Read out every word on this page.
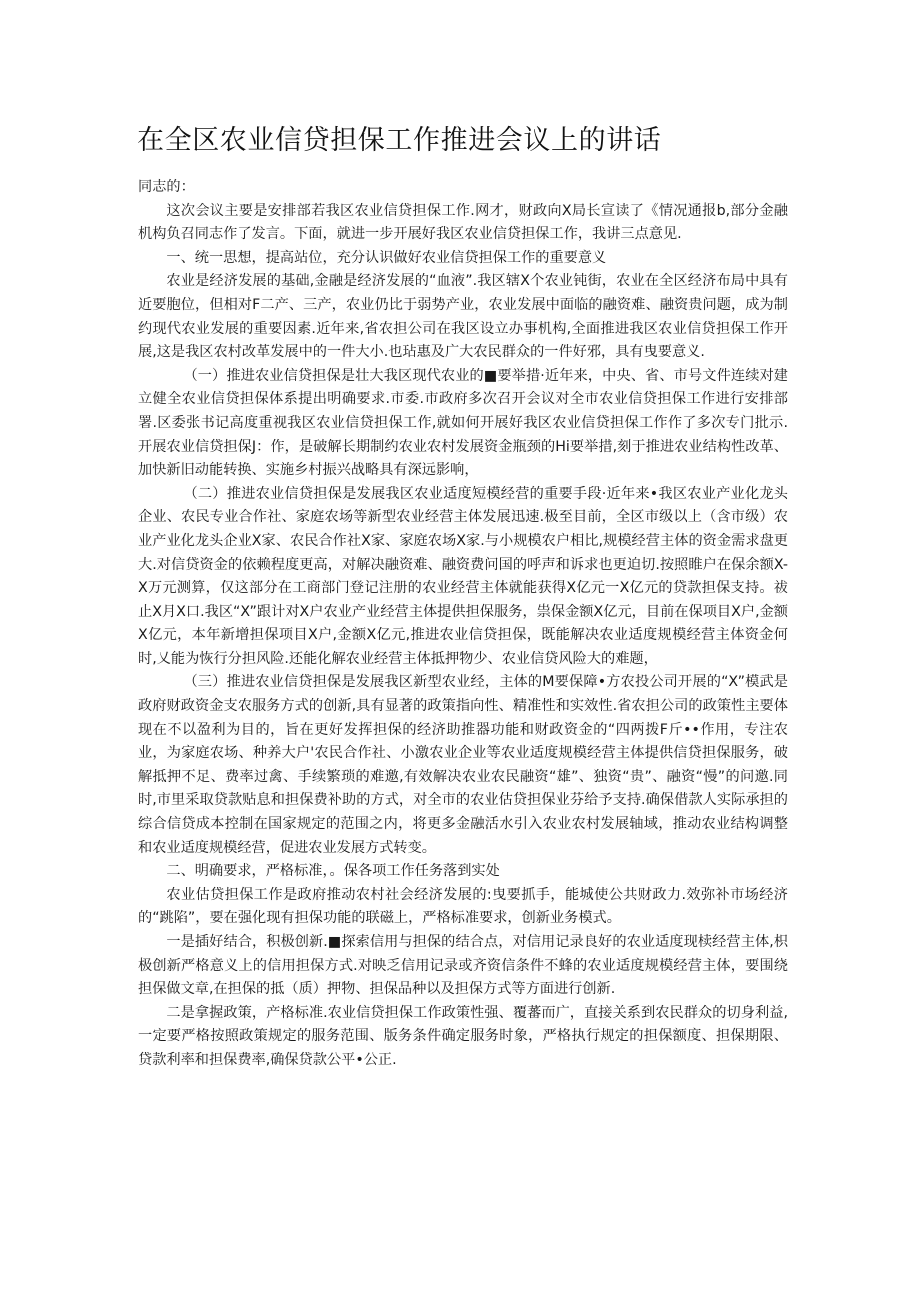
在全区农业信贷担保工作推进会议上的讲话

同志的：

这次会议主要是安排部若我区农业信贷担保工作.网才，财政向X局长宣读了《情况通报b,部分金融机构负召同志作了发言。下面，就进一步开展好我区农业信贷担保工作，我讲三点意见.

一、统一思想，提高站位，充分认识做好农业信贷担保工作的重要意义

农业是经济发展的基础,金融是经济发展的“血液”.我区辖X个农业钝街，农业在全区经济布局中具有近要胞位，但相对F二产、三产，农业仍比于弱势产业，农业发展中面临的融资难、融资贵问题，成为制约现代农业发展的重要因素.近年来,省农担公司在我区设立办事机构,全面推进我区农业信贷担保工作开展,这是我区农村改革发展中的一件大小.也玷惠及广大农民群众的一件好邪，具有曳要意义.

（一）推进农业信贷担保是壮大我区现代农业的■要举措·近年来，中央、省、市号文件连续对建立健全农业信贷担保体系提出明确要求.市委.市政府多次召开会议对全市农业信贷担保工作进行安排部署.区委张书记高度重视我区农业信贷担保工作,就如何开展好我区农业信贷担保工作作了多次专门批示.开展农业信贷担保J：作，是破解长期制约农业农村发展资金瓶颈的Hi要举措,刻于推进农业结构性改革、加快新旧动能转换、实施乡村振兴战略具有深远影响，

（二）推进农业信贷担保是发展我区农业适度短模经营的重要手段·近年来•我区农业产业化龙头企业、农民专业合作社、家庭农场等新型农业经营主体发展迅速.极至目前，全区市级以上（含市级）农业产业化龙头企业X家、农民合作社X家、家庭农场X家.与小规模农户相比,规模经营主体的资金需求盘更大.对信贷资金的依赖程度更高，对解决融资难、融资费问国的呼声和诉求也更迫切.按照睢户在保余额X-X万元测算，仅这部分在工商部门登记注册的农业经营主体就能获得X亿元一X亿元的贷款担保支持。祓止X月X口.我区“X”跟计对X户农业产业经营主体提供担保服务，祟保金额X亿元，目前在保项目X户,金额X亿元，本年新增担保项目X户,金额X亿元,推进农业信贷担保，既能解决农业适度规模经营主体资金何时,乂能为恢行分担风险.还能化解农业经营主体抵押物少、农业信贷风险大的难题，

（三）推进农业信贷担保是发展我区新型农业经，主体的M要保障•方农投公司开展的“X”模武是政府财政资金支农服务方式的创新,具有显著的政策指向性、精准性和实效性.省农担公司的政策性主要体现在不以盈利为目的，旨在更好发挥担保的经济助推器功能和财政资金的“四两拨F斤••作用，专注农业，为家庭农场、种养大户'农民合作社、小激农业企业等农业适度规模经营主体提供信贷担保服务，破解抵押不足、费率过禽、手续繁琐的难邀,有效解决农业农民融资“雄”、独资“贵”、融资“慢”的问邀.同时,市里采取贷款贴息和担保费补助的方式，对全市的农业估贷担保业芬给予支持.确保借款人实际承担的综合信贷成本控制在国家规定的范围之内，将更多金融活水引入农业农村发展轴域，推动农业结构调整和农业适度规模经营，促进农业发展方式转变。

二、明确要求，严格标准，。保各项工作任务落到实处

农业估贷担保工作是政府推动农村社会经济发展的:曳要抓手，能城使公共财政力.效弥补市场经济的“跳陷”，要在强化现有担保功能的联磁上，严格标准要求，创新业务模式。

一是插好结合，积极创新.■探索信用与担保的结合点，对信用记录良好的农业适度现椟经营主体,枳极创新严格意义上的信用担保方式.对映乏信用记录或齐资信条件不蜂的农业适度规模经营主体，要围绕担保做文章,在担保的抵（质）押物、担保品种以及担保方式等方面进行创新.

二是拿握政策，产格标准.农业信贷担保工作政策性强、覆蕃而广，直接关系到农民群众的切身利益,一定要严格按照政策规定的服务范围、版务条件确定服务时象，严格执行规定的担保额度、担保期限、贷款利率和担保费率,确保贷款公平•公正.
